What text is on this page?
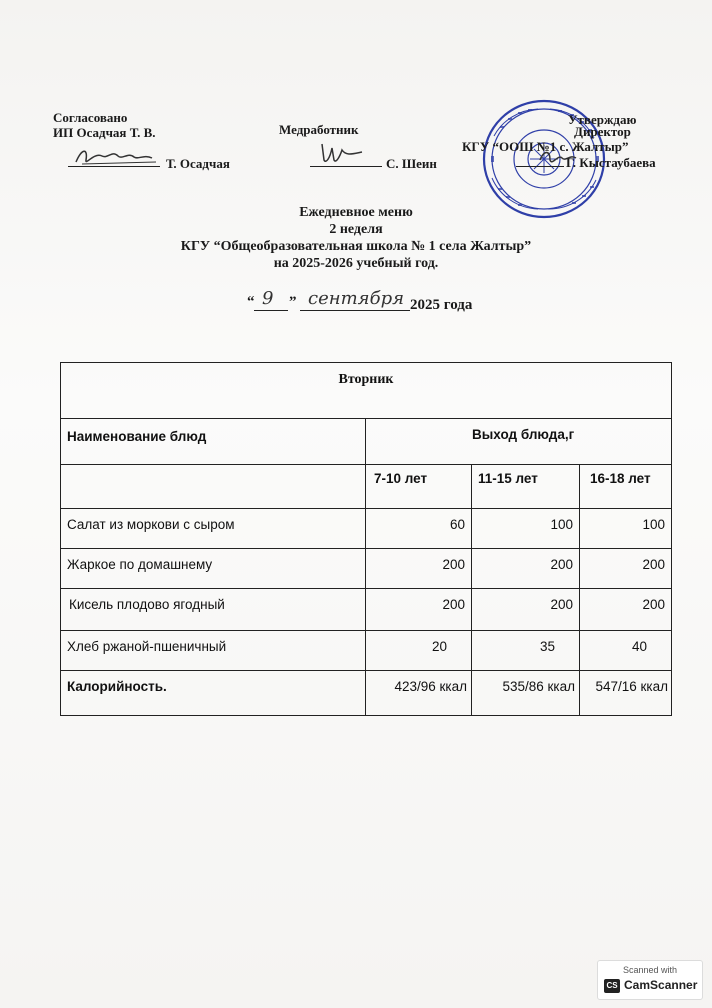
Согласовано
ИП Осадчая Т. В.
Т. Осадчая
Медработник
С. Шеин
Утверждаю
Директор
КГУ “ООШ №1 с. Жалтыр”
Г. Кыстаубаева
Ежедневное меню
2 неделя
КГУ “Общеобразовательная школа № 1 села Жалтыр”
на 2025-2026 учебный год.
“ 9 ” сентября 2025 года
Вторник
Наименование блюд	Выход блюда,г
7-10 лет	11-15 лет	16-18 лет
Салат из моркови с сыром	60	100	100
Жаркое по домашнему	200	200	200
Кисель плодово ягодный	200	200	200
Хлеб ржаной-пшеничный	20	35	40
Калорийность.	423/96 ккал	535/86 ккал	547/16 ккал
Scanned with
CS CamScanner
